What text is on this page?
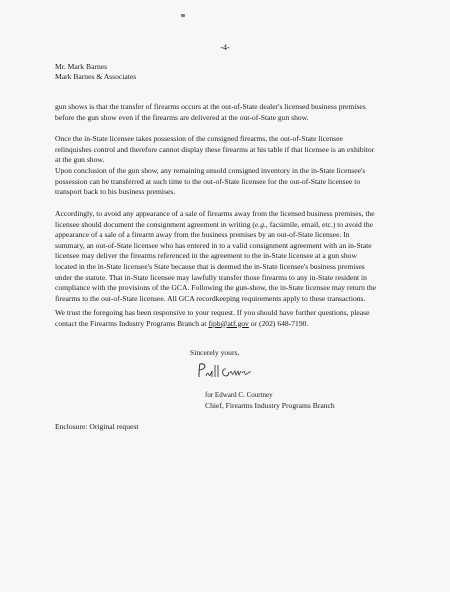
-4-
Mr. Mark Barnes
Mark Barnes & Associates

gun shows is that the transfer of firearms occurs at the out-of-State dealer's licensed business premises before the gun show even if the firearms are delivered at the out-of-State gun show.

Once the in-State licensee takes possession of the consigned firearms, the out-of-State licensee relinquishes control and therefore cannot display these firearms at his table if that licensee is an exhibitor at the gun show.

Upon conclusion of the gun show, any remaining unsold consigned inventory in the in-State licensee's possession can be transferred at such time to the out-of-State licensee for the out-of-State licensee to transport back to his business premises.

Accordingly, to avoid any appearance of a sale of firearms away from the licensed business premises, the licensee should document the consignment agreement in writing (e.g., facsimile, email, etc.) to avoid the appearance of a sale of a firearm away from the business premises by an out-of-State licensee. In summary, an out-of-State licensee who has entered in to a valid consignment agreement with an in-State licensee may deliver the firearms referenced in the agreement to the in-State licensee at a gun show located in the in-State licensee's State because that is deemed the in-State licensee's business premises under the statute. That in-State licensee may lawfully transfer those firearms to any in-State resident in compliance with the provisions of the GCA. Following the gun-show, the in-State licensee may return the firearms to the out-of-State licensee. All GCA recordkeeping requirements apply to these transactions.

We trust the foregoing has been responsive to your request. If you should have further questions, please contact the Firearms Industry Programs Branch at fipb@atf.gov or (202) 648-7190.

Sincerely yours,
for Edward C. Courtney
Chief, Firearms Industry Programs Branch
Enclosure: Original request
